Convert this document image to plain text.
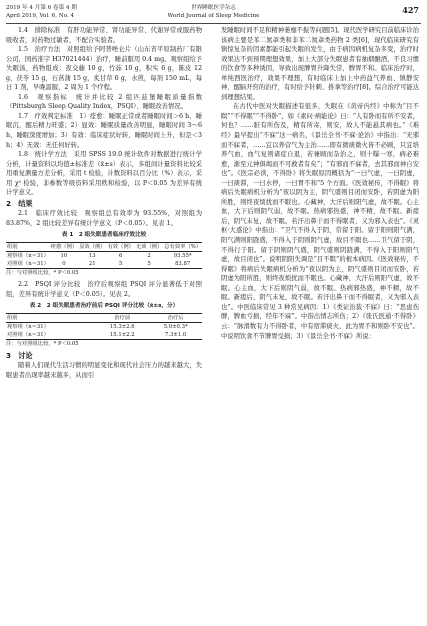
2019 年 4 月第 6 卷第 4 期
April 2019, Vol. 6, No. 4
世界睡眠医学杂志
World Journal of Sleep Medicine
427

1.4　排除标准　有肝功能异常、肾功能异常、代谢异常或服药物吸收者，对药物过敏者，不配合实验者。

1.5　治疗方法　对照组给予阿普唑仑片（山东省平原制药厂有限公司，国药准字 H37021444）治疗，睡前服用 0.4 mg。观察组给予失眠汤，药物组成：夜交藤 10 g，竹茹 10 g，积实 6 g，陈皮 12 g，茯苓 15 g，石菖蒲 15 g，炙甘草 6 g，水煎，每剂 150 mL，每日 1 剂，早晚温服，2 周为 1 个疗程。

1.6　观察指标　统计并比较 2 组匹兹堡睡眠质量指数（Pittsburgh Sleep Quality Index，PSQI）、睡眠改善情况。

1.7　疗效判定标准　1）痊愈：睡眠正常或者睡眠时间＞6 h，睡眠沉，醒后精力旺盛；2）显效：睡眠质量改善明显，睡眠时间 3～6 h，睡眠深度增加；3）有效：临床症状好转，睡眠时间上升，但是＜3 h；4）无效：无任何好转。

1.8　统计学方法　采用 SPSS 19.0 统计软件对数据进行统计学分析，计量资料以均值±标准差（x̄±s）表示，多组间计量资料比较采用重复测量方差分析，采用 t 检验，计数资料以百分比（%）表示，采用 χ² 检验，非参数等级资料采用秩和检验，以 P＜0.05 为差异有统计学意义。

2　结果

2.1　临床疗效比较　观察组总有效率为 93.55%，对照组为 83.87%，2 组比较差异有统计学意义（P＜0.05）。见表 1。

表 1　2 组失眠患者临床疗效比较
组别	痊愈（例）	显效（例）	有效（例）	无效（例）	总有效率（%）
观察组（n＝31）	10	13	6	2	93.55*
对照组（n＝31）	0	21	5	5	83.87
注：与对照组比较，* P＜0.05

2.2　PSQI 评分比较　治疗后观察组 PSQI 评分显著低于对照组，差异有统计学意义（P＜0.05）。见表 2。

表 2　2 组失眠患者治疗前后 PSQI 评分比较（x̄±s，分）
组别	治疗前	治疗后
观察组（n＝31）	15.3±2.6	5.0±0.3*
对照组（n＝31）	15.1±2.2	7.3±1.0
注：与对照组比较，* P＜0.05
3　讨论

随着人们现代生活习惯的明显变化和现代社会压力的越来越大，失眠患者出现率越来越多，从而引

发睡眠时间不足和精神萎靡不振等问题[5]。现代医学研究目前临床诊治该病主要是苯二氮䓬类和非苯二氮䓬类药物 2 类[6]，现代临床研究有镇惊复杂的因素都能引起失眠的发生，由于病因病机复杂多变，治疗时效果达不到预期理想效果，加上大部分失眠患者有抽烟酗酒，不良习惯的饮食等多种诱因，导致出现脾胃升降失常，脾胃不和。临床治疗时，单纯西医治疗，效果不理想，有时临床上加上中药益气养血、镇静安神、醒脑开窍的治疗，有时给予针刺、推拿等治疗[8]。综合治疗可能达到理想结果。

在古代中医对失眠描述有很多，失眠在《黄帝内经》中称为“目不瞑”“不得眠”“不得卧”，如《素问·病能论》曰：“人有卧而有所不安者，何也？……脏有所伤及，精有所寄，则安，故人不能悬其病也。”《难经》最早提出“不寐”这一病名，《景岳全书·不寐·论治》中指出：“无邪而不寐者，……宜以养营气为主治……即有微痰微火皆不必顾，只宜培养气血，血气复则诸症自退，若兼顾而杂治之，则十曝一寒，病必难愈，渐至元神俱竭而不可救者有矣”；“有邪而不寐者，去其邪而神自安也”。《医宗必读，不得卧》将失眠原因概括为“一曰气虚，一曰阴虚，一曰痰滞，一曰水停，一曰胃不和”5 个方面。《医效秘传，不得眠》将病后失眠病机分析为“夜以阴为主，阴气盛则目闭而安卧，若阴虚为阳所胜，则终夜烦扰而不眠也。心藏神，大汗后则阳气虚，故不眠。心主血，大下后则阴气弱，故不眠。热病邪热盛，神不精，故不眠。新瘥后，阴气未复，故不眠。若汗出鼻干而不得眠者，又为邪入表也”。《灵枢·大惑论》中指出：“卫气不得入于阴，常留于阳。留于阳则阳气满，阳气满则阳跷盛，不得入于阴则阴气虚，故目不瞑也……卫气留于阴，不得行于阳。留于阴则阴气盛，阴气盛则阴跷满，不得入于阳则阳气虚，故目闭也”。说明阴阳失调是“目不瞑”的根本病因。《医效秘传，不得眠》将病后失眠病机分析为“夜以阴为主，阴气盛则目闭而安卧，若阴虚为阳所胜，则终夜烦扰而不眠也。心藏神，大汗后则阳气虚，故不眠。心主血，大下后则阴气弱，故不眠。热病邪热盛，神不精，故不眠。新瘥后，阴气未复，故不眠。若汗出鼻干而不得眠者，又为邪入表也”。中医临床常见 3 种常见病因：1）《类证治裁·不寐》曰：“思虑伤脾，脾血亏损，经年不寐”。中指出情志所伤；2）《张氏医通·不得卧》云：“脉滑数有力不得卧者，中有宿滞痰火，此为胃不和则卧不安也”。中说明饮食不节脾胃受损；3）《景岳全书·不寐》所说：
